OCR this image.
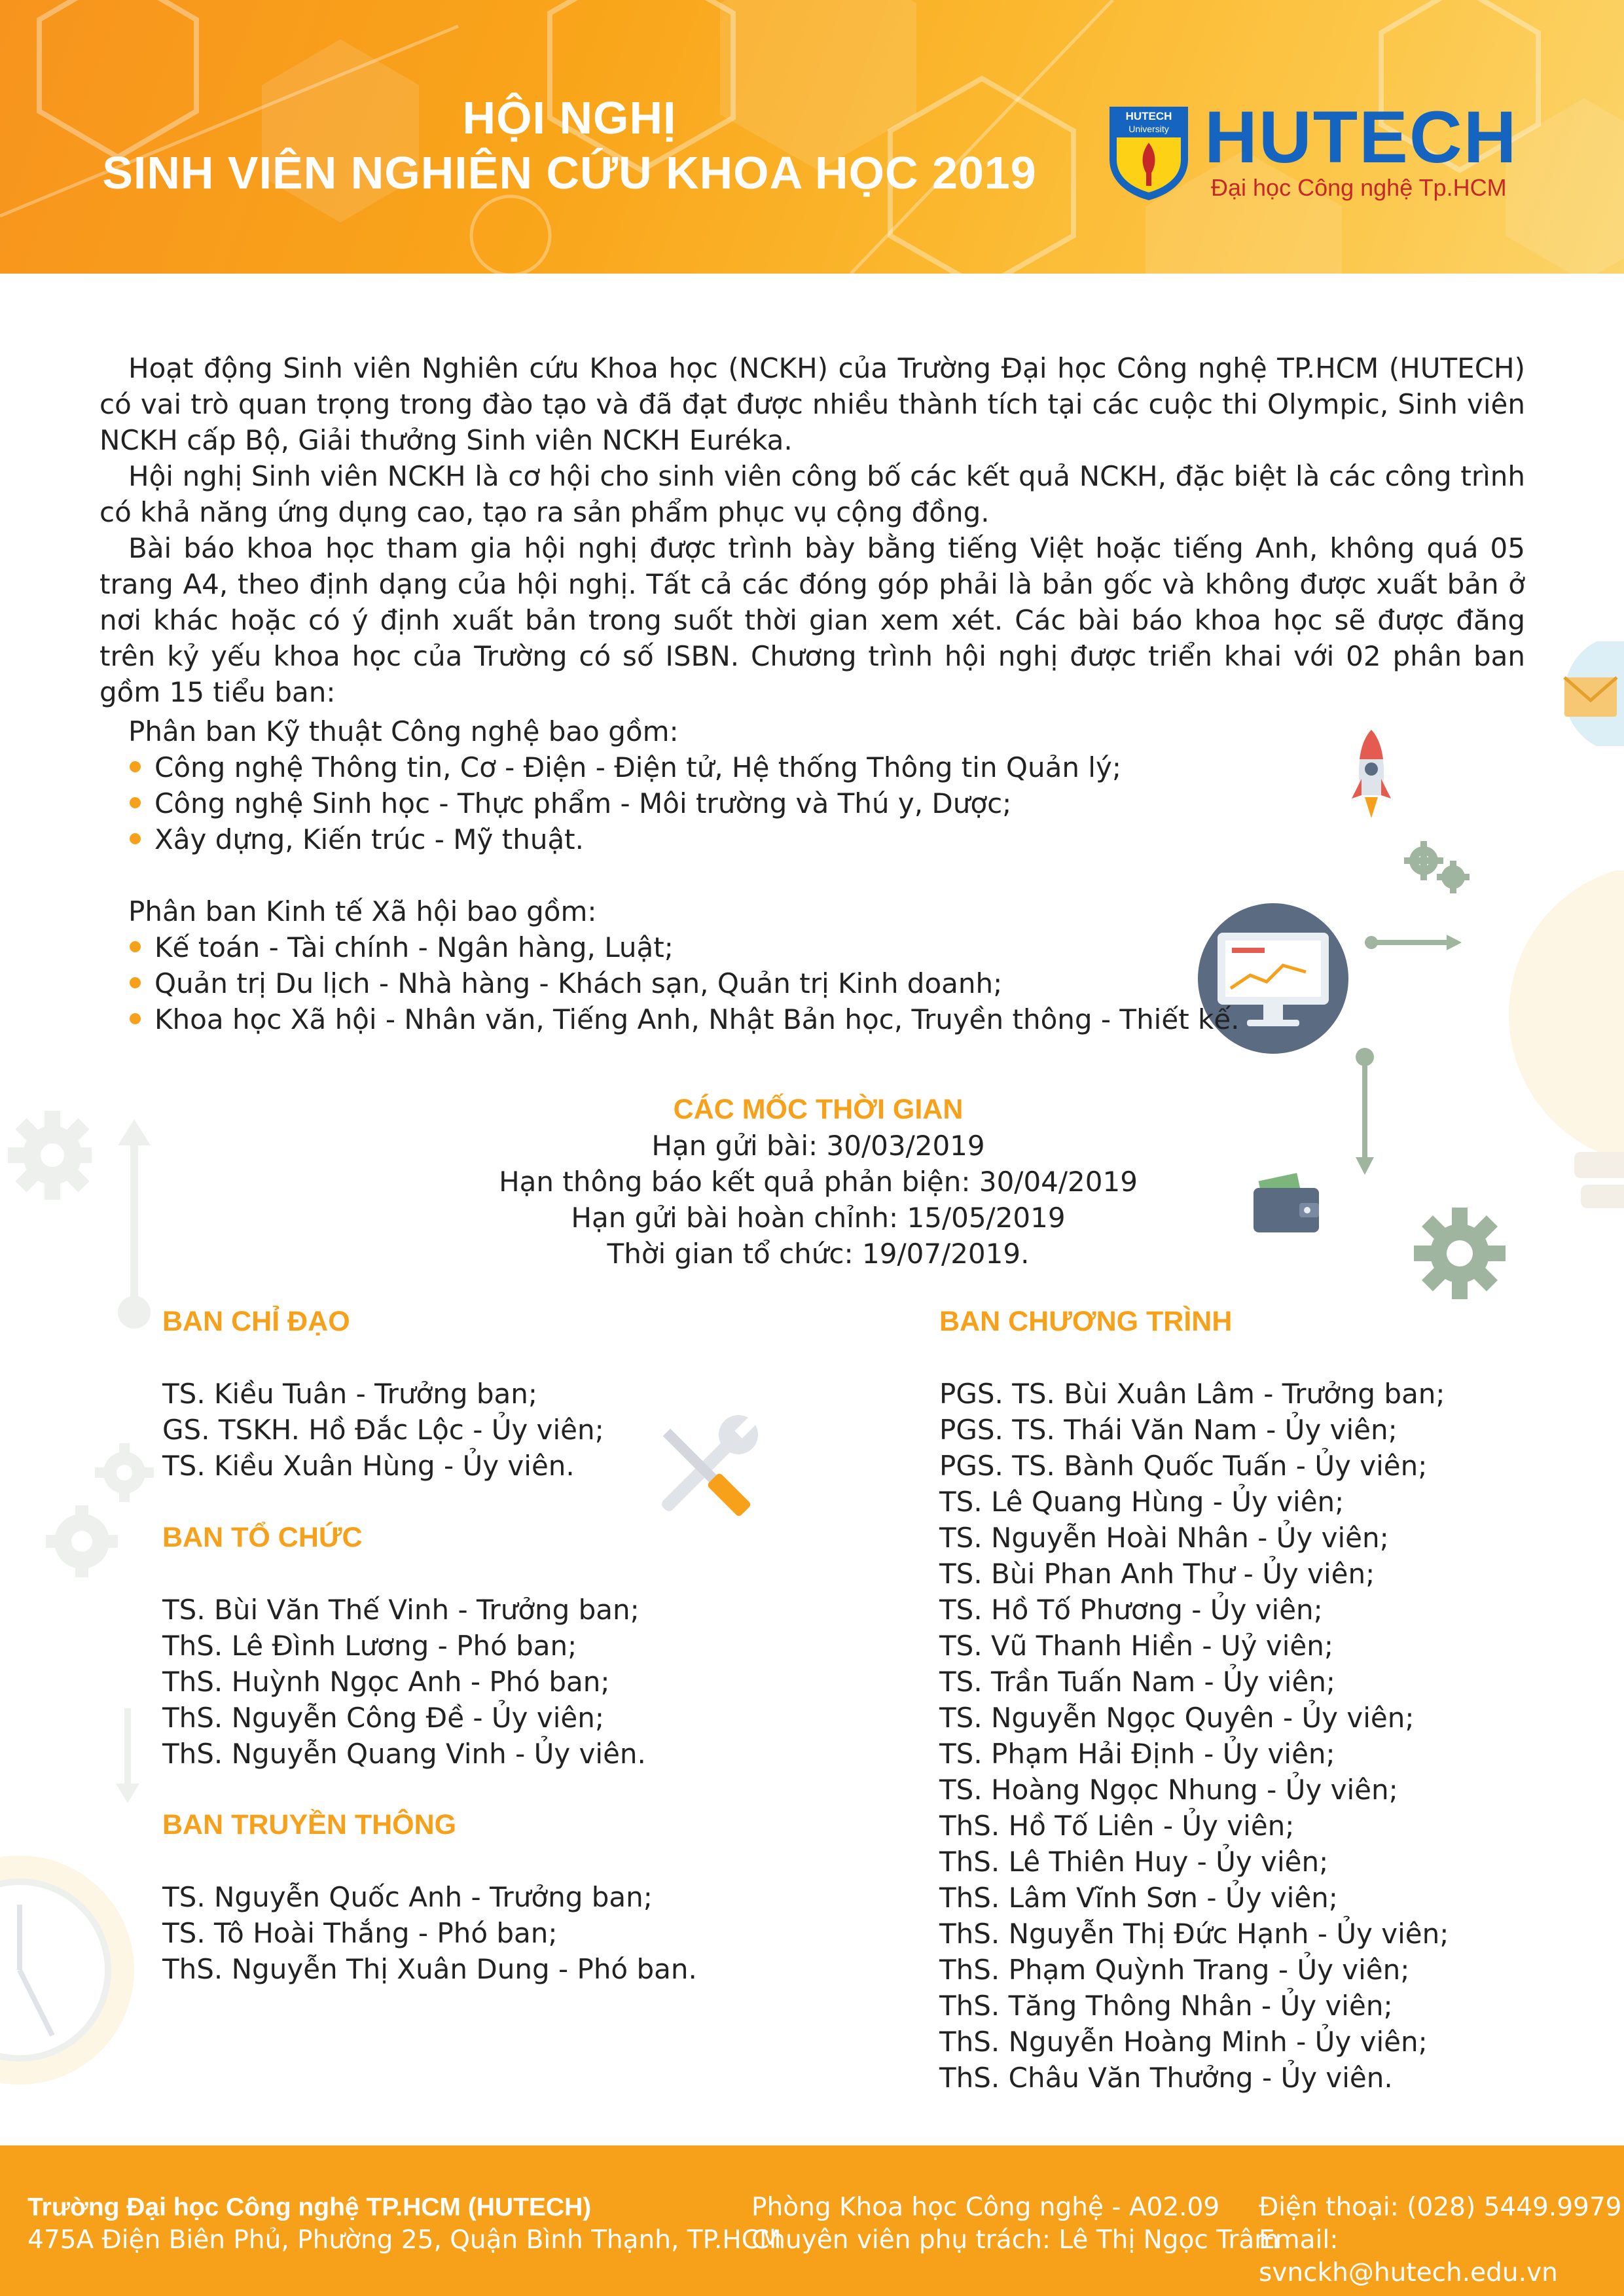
HỘI NGHỊ
SINH VIÊN NGHIÊN CỨU KHOA HỌC 2019
HUTECH
University HUTECH
Đại học Công nghệ Tp.HCM

Hoạt động Sinh viên Nghiên cứu Khoa học (NCKH) của Trường Đại học Công nghệ TP.HCM (HUTECH) có vai trò quan trọng trong đào tạo và đã đạt được nhiều thành tích tại các cuộc thi Olympic, Sinh viên NCKH cấp Bộ, Giải thưởng Sinh viên NCKH Euréka.

Hội nghị Sinh viên NCKH là cơ hội cho sinh viên công bố các kết quả NCKH, đặc biệt là các công trình có khả năng ứng dụng cao, tạo ra sản phẩm phục vụ cộng đồng.

Bài báo khoa học tham gia hội nghị được trình bày bằng tiếng Việt hoặc tiếng Anh, không quá 05 trang A4, theo định dạng của hội nghị. Tất cả các đóng góp phải là bản gốc và không được xuất bản ở nơi khác hoặc có ý định xuất bản trong suốt thời gian xem xét. Các bài báo khoa học sẽ được đăng trên kỷ yếu khoa học của Trường có số ISBN. Chương trình hội nghị được triển khai với 02 phân ban gồm 15 tiểu ban:

Phân ban Kỹ thuật Công nghệ bao gồm:
Công nghệ Thông tin, Cơ - Điện - Điện tử, Hệ thống Thông tin Quản lý;
Công nghệ Sinh học - Thực phẩm - Môi trường và Thú y, Dược;
Xây dựng, Kiến trúc - Mỹ thuật.
Phân ban Kinh tế Xã hội bao gồm:
Kế toán - Tài chính - Ngân hàng, Luật;
Quản trị Du lịch - Nhà hàng - Khách sạn, Quản trị Kinh doanh;
Khoa học Xã hội - Nhân văn, Tiếng Anh, Nhật Bản học, Truyền thông - Thiết kế.
CÁC MỐC THỜI GIAN
Hạn gửi bài: 30/03/2019
Hạn thông báo kết quả phản biện: 30/04/2019
Hạn gửi bài hoàn chỉnh: 15/05/2019
Thời gian tổ chức: 19/07/2019.
BAN CHỈ ĐẠO
TS. Kiều Tuân - Trưởng ban;
GS. TSKH. Hồ Đắc Lộc - Ủy viên;
TS. Kiều Xuân Hùng - Ủy viên.
BAN TỔ CHỨC
TS. Bùi Văn Thế Vinh - Trưởng ban;
ThS. Lê Đình Lương - Phó ban;
ThS. Huỳnh Ngọc Anh - Phó ban;
ThS. Nguyễn Công Đề - Ủy viên;
ThS. Nguyễn Quang Vinh - Ủy viên.
BAN TRUYỀN THÔNG
TS. Nguyễn Quốc Anh - Trưởng ban;
TS. Tô Hoài Thắng - Phó ban;
ThS. Nguyễn Thị Xuân Dung - Phó ban.
BAN CHƯƠNG TRÌNH
PGS. TS. Bùi Xuân Lâm - Trưởng ban;
PGS. TS. Thái Văn Nam - Ủy viên;
PGS. TS. Bành Quốc Tuấn - Ủy viên;
TS. Lê Quang Hùng - Ủy viên;
TS. Nguyễn Hoài Nhân - Ủy viên;
TS. Bùi Phan Anh Thư - Ủy viên;
TS. Hồ Tố Phương - Ủy viên;
TS. Vũ Thanh Hiền - Uỷ viên;
TS. Trần Tuấn Nam - Ủy viên;
TS. Nguyễn Ngọc Quyên - Ủy viên;
TS. Phạm Hải Định - Ủy viên;
TS. Hoàng Ngọc Nhung - Ủy viên;
ThS. Hồ Tố Liên - Ủy viên;
ThS. Lê Thiên Huy - Ủy viên;
ThS. Lâm Vĩnh Sơn - Ủy viên;
ThS. Nguyễn Thị Đức Hạnh - Ủy viên;
ThS. Phạm Quỳnh Trang - Ủy viên;
ThS. Tăng Thông Nhân - Ủy viên;
ThS. Nguyễn Hoàng Minh - Ủy viên;
ThS. Châu Văn Thưởng - Ủy viên.
Trường Đại học Công nghệ TP.HCM (HUTECH)
475A Điện Biên Phủ, Phường 25, Quận Bình Thạnh, TP.HCM
Phòng Khoa học Công nghệ - A02.09
Chuyên viên phụ trách: Lê Thị Ngọc Trâm
Điện thoại: (028) 5449.9979
Email: svnckh@hutech.edu.vn
